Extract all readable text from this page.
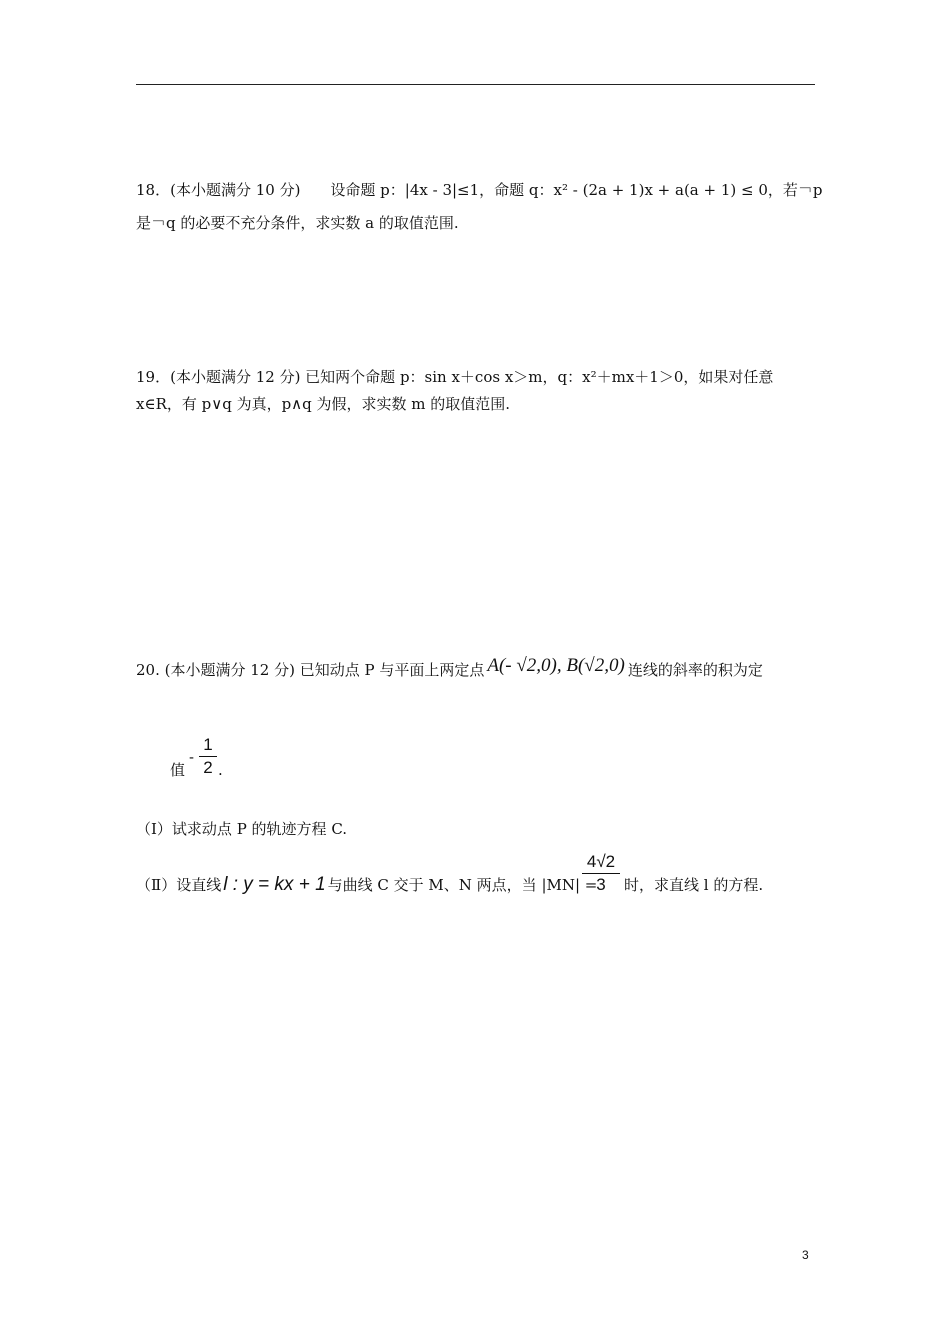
18．(本小题满分 10 分)　　设命题 p：|4x - 3|≤1，命题 q：x² - (2a + 1)x + a(a + 1) ≤ 0，若￢p
是￢q 的必要不充分条件，求实数 a 的取值范围.
19．(本小题满分 12 分) 已知两个命题 p：sin x＋cos x＞m，q：x²＋mx＋1＞0，如果对任意
x∈R，有 p∨q 为真，p∧q 为假，求实数 m 的取值范围.
20. (本小题满分 12 分) 已知动点 P 与平面上两定点 A(- √2,0), B(√2,0) 连线的斜率的积为定
值
-
1
2 .
（Ⅰ）试求动点 P 的轨迹方程 C.
（Ⅱ）设直线 l : y = kx + 1 与曲线 C 交于 M、N 两点，当 |MN| =
4√2
3	时，求直线 l 的方程.
3
